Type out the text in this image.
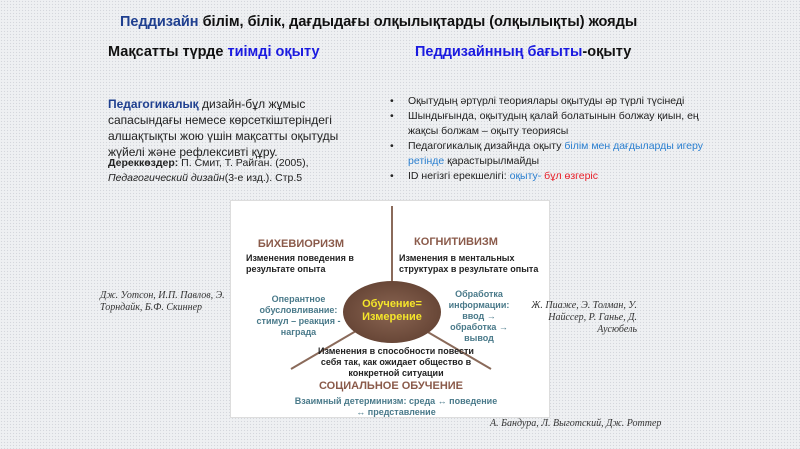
Педдизайн білім, білік, дағдыдағы олқылықтарды (олқылықты) жояды
Мақсатты түрде тиімді оқыту	Педдизайнның бағыты-оқыту
Педагогикалық дизайн-бұл жұмыс сапасындағы немесе көрсеткіштеріндегі алшақтықты жою үшін мақсатты оқытуды жүйелі және рефлексивті құру.
Дереккөздер: П. Смит, Т. Райган. (2005),
Педагогический дизайн(3-е изд.). Стр.5
• Оқытудың әртүрлі теориялары оқытуды әр түрлі түсінеді
• Шындығында, оқытудың қалай болатынын болжау қиын, ең жақсы болжам – оқыту теориясы
• Педагогикалық дизайнда оқыту білім мен дағдыларды игеру ретінде қарастырылмайды
• ID негізгі ерекшелігі: оқыту- бұл өзгеріс
БИХЕВИОРИЗМ
Изменения поведения в результате опыта
Оперантное обусловливание: стимул – реакция - награда
КОГНИТИВИЗМ
Изменения в ментальных структурах в результате опыта
Обработка информации: ввод → обработка → вывод
Обучение= Измерение
Изменения в способности повести себя так, как ожидает общество в конкретной ситуации
СОЦИАЛЬНОЕ ОБУЧЕНИЕ
Взаимный детерминизм: среда ↔ поведение ↔ представление
Дж. Уотсон, И.П. Павлов, Э. Торндайк, Б.Ф. Скиннер	Ж. Пиаже, Э. Толман, У. Найссер, Р. Ганье, Д. Аусюбель
А. Бандура, Л. Выготский, Дж. Роттер
